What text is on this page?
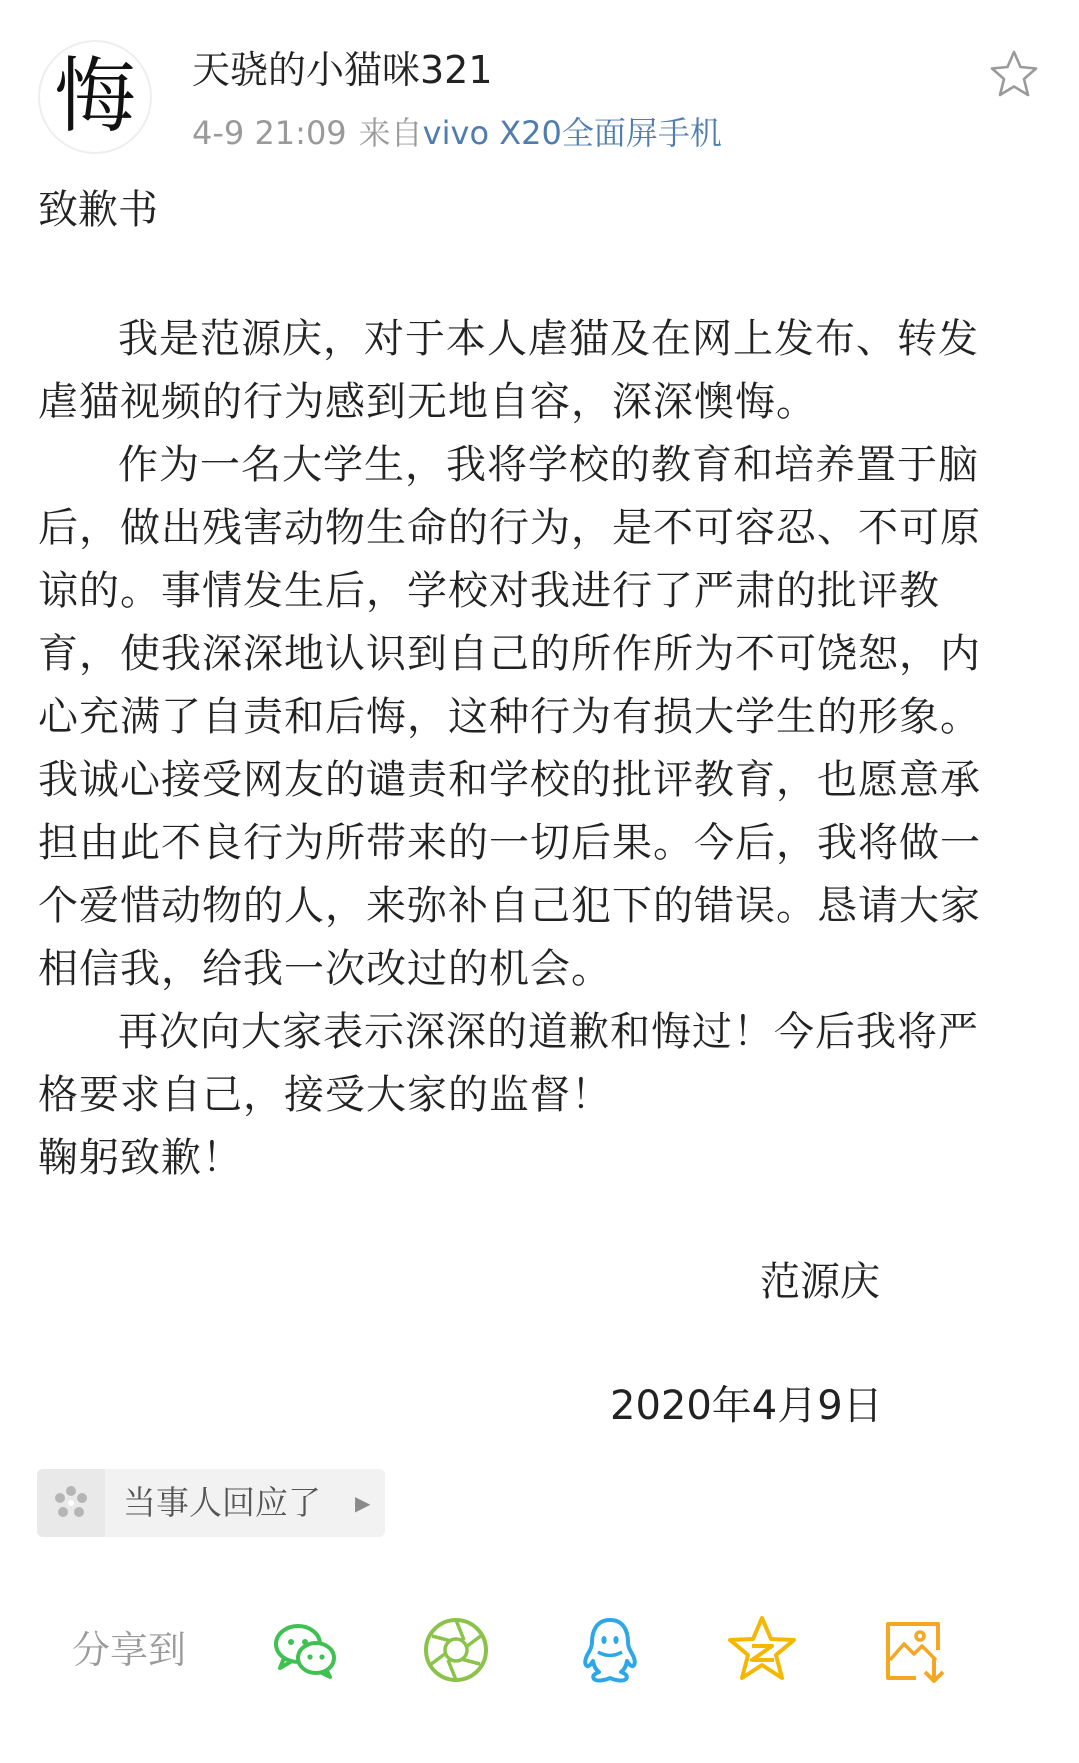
悔	天骁的小猫咪321
4-9 21:09 来自vivo X20全面屏手机
致歉书

我是范源庆，对于本人虐猫及在网上发布、转发虐猫视频的行为感到无地自容，深深懊悔。

作为一名大学生，我将学校的教育和培养置于脑后，做出残害动物生命的行为，是不可容忍、不可原谅的。事情发生后，学校对我进行了严肃的批评教育，使我深深地认识到自己的所作所为不可饶恕，内心充满了自责和后悔，这种行为有损大学生的形象。我诚心接受网友的谴责和学校的批评教育，也愿意承担由此不良行为所带来的一切后果。今后，我将做一个爱惜动物的人，来弥补自己犯下的错误。恳请大家相信我，给我一次改过的机会。

再次向大家表示深深的道歉和悔过！今后我将严格要求自己，接受大家的监督！

鞠躬致歉！

范源庆
2020年4月9日
当事人回应了 ▶
分享到
